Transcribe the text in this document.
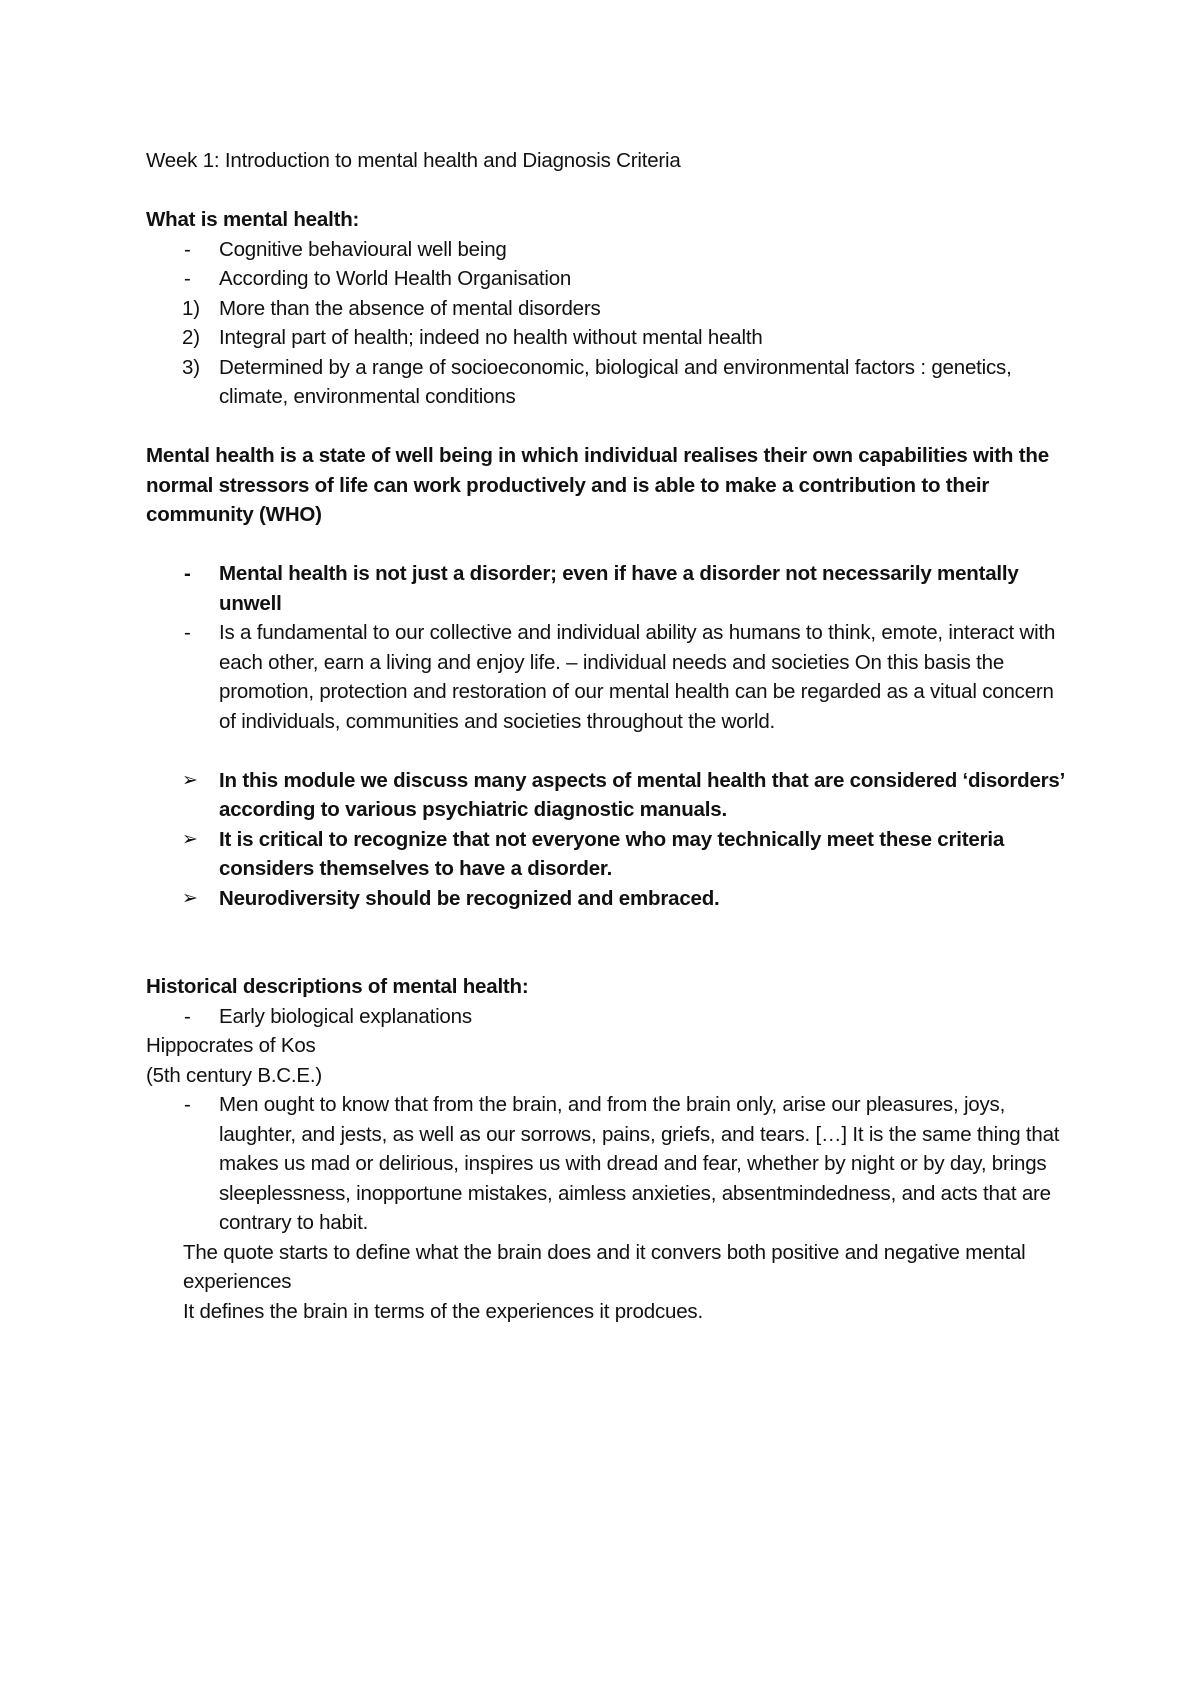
Week 1: Introduction to mental health and Diagnosis Criteria

What is mental health:

-	Cognitive behavioural well being
-	According to World Health Organisation
1) More than the absence of mental disorders
2) Integral part of health; indeed no health without mental health
3) Determined by a range of socioeconomic, biological and environmental factors : genetics, climate, environmental conditions

Mental health is a state of well being in which individual realises their own capabilities with the normal stressors of life can work productively and is able to make a contribution to their community (WHO)

-	Mental health is not just a disorder; even if have a disorder not necessarily mentally unwell
-	Is a fundamental to our collective and individual ability as humans to think, emote, interact with each other, earn a living and enjoy life. – individual needs and societies On this basis the promotion, protection and restoration of our mental health can be regarded as a vitual concern of individuals, communities and societies throughout the world.
➢	In this module we discuss many aspects of mental health that are considered ‘disorders’ according to various psychiatric diagnostic manuals.
➢	It is critical to recognize that not everyone who may technically meet these criteria considers themselves to have a disorder.
➢	Neurodiversity should be recognized and embraced.

Historical descriptions of mental health:

-	Early biological explanations

Hippocrates of Kos

(5th century B.C.E.)

-	Men ought to know that from the brain, and from the brain only, arise our pleasures, joys, laughter, and jests, as well as our sorrows, pains, griefs, and tears. […] It is the same thing that makes us mad or delirious, inspires us with dread and fear, whether by night or by day, brings sleeplessness, inopportune mistakes, aimless anxieties, absentmindedness, and acts that are contrary to habit.

The quote starts to define what the brain does and it convers both positive and negative mental experiences

It defines the brain in terms of the experiences it prodcues.
